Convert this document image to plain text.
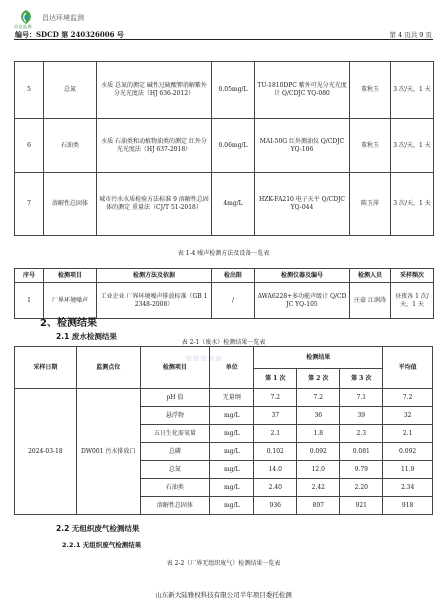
昌达监测
昌达环境监测
编号：SDCD 第 240326006 号	第 4 页共 9 页
5	总氮	水质 总氮的测定 碱性过硫酸钾消解紫外分光光度法（HJ 636-2012）	0.05mg/L	TU-1810DPC 紫外可见分光光度计 Q/CDJC YQ-080	董秋玉	3 次/天，1 天
6	石油类	水质 石油类和动植物油类的测定 红外分光光度法（HJ 637-2018）	0.06mg/L	MAI-50G 红外测油仪 Q/CDJC YQ-106	董秋玉	3 次/天，1 天
7	溶解性总固体	城市污水水质检验方法标准 9 溶解性总固体的测定 重量法（CJ/T 51-2018）	4mg/L	HZK-FA210 电子天平 Q/CDJC YQ-044	陈玉萍	3 次/天，1 天
表 1-4 噪声检测方法及设备一览表
序号	检测项目	检测方法及依据	检出限	检测仪器及编号	检测人员	采样频次
1	厂界环境噪声	工业企业 厂界环境噪声排放标准（GB 12348-2008）	/	AWA6228+多功能声级计 Q/CDJC YQ-105	庄豪 江润涛	昼夜各 1 次/天，1 天
2、检测结果
2.1 废水检测结果
表 2-1（废水）检测结果一览表
▪▪▪▪▪
采样日期	监测点位	检测项目	单位	检测结果			平均值
				第 1 次	第 2 次	第 3 次	
2024-03-18	DW001 污水排放口	pH 值	无量纲	7.2	7.2	7.1	7.2
		悬浮物	mg/L	37	36	39	32
		五日生化需氧量	mg/L	2.1	1.8	2.3	2.1
		总磷	mg/L	0.102	0.092	0.081	0.092
		总氮	mg/L	14.0	12.0	9.79	11.9
		石油类	mg/L	2.40	2.42	2.20	2.34
		溶解性总固体	mg/L	936	897	921	918
2.2 无组织废气检测结果
2.2.1 无组织废气检测结果
表 2-2（厂界无组织废气）检测结果一览表
山东新大陆雅权科技有限公司半年项目委托检测
